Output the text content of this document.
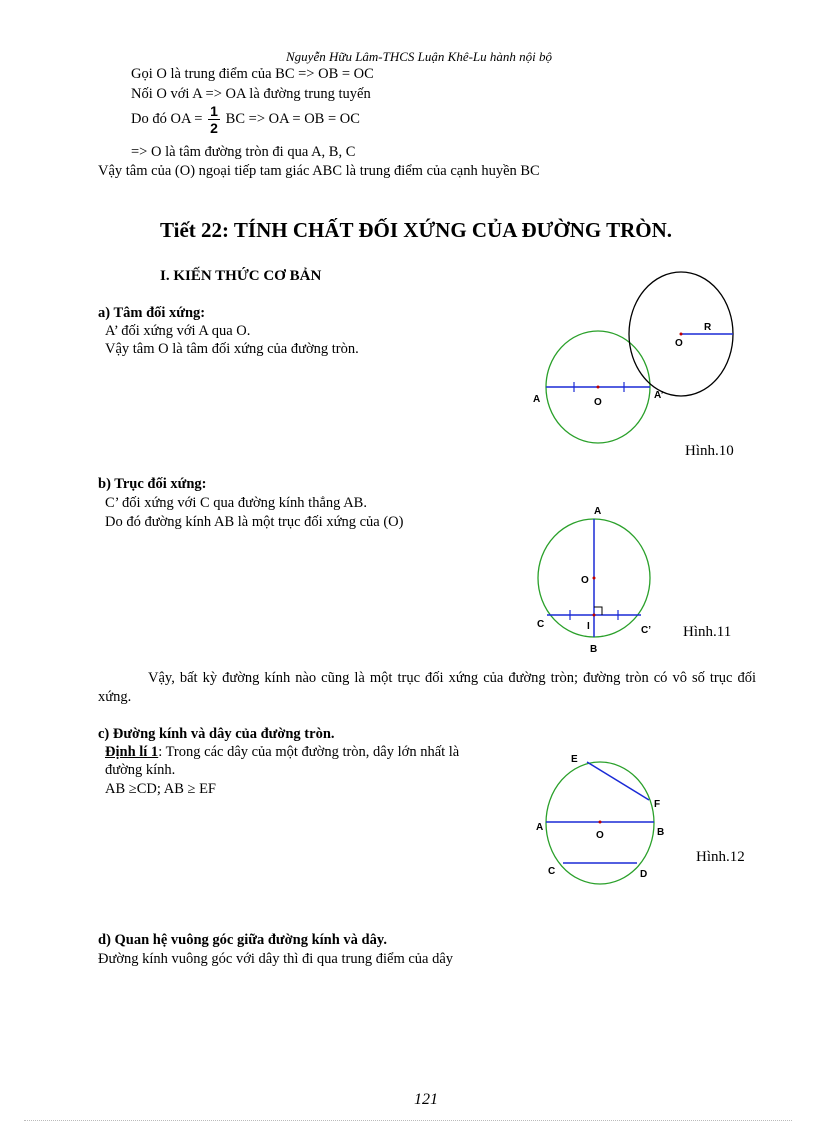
Nguyễn Hữu Lâm-THCS Luận Khê-Lu hành nội bộ
Gọi O là trung điểm của BC => OB = OC
Nối O với A => OA là đường trung tuyến
Do đó OA = $\frac{1}{2}$ BC => OA = OB = OC
=> O là tâm đường tròn đi qua A, B, C
Vậy tâm của (O) ngoại tiếp tam giác ABC là trung điểm của cạnh huyền BC
Tiết 22: TÍNH CHẤT ĐỐI XỨNG CỦA ĐƯỜNG TRÒN.
I. KIẾN THỨC CƠ BẢN
a) Tâm đối xứng:
A’ đối xứng với A qua O.
Vậy tâm O là tâm đối xứng của đường tròn.
A	O
A’
O
R
Hình.10
b) Trục đối xứng:
C’ đối xứng với C qua đường kính thẳng AB.
Do đó đường kính AB là một trục đối xứng của (O)
A
O
C	I	C’
B
Hình.11
Vậy, bất kỳ đường kính nào cũng là một trục đối xứng của đường tròn; đường tròn có vô số trục đối xứng.
c) Đường kính và dây của đường tròn.
Định lí 1: Trong các dây của một đường tròn, dây lớn nhất là
đường kính.
AB ≥CD; AB ≥ EF
E
F
A
O	B
C	D
Hình.12
d) Quan hệ vuông góc giữa đường kính và dây.
Đường kính vuông góc với dây thì đi qua trung điểm của dây
121
